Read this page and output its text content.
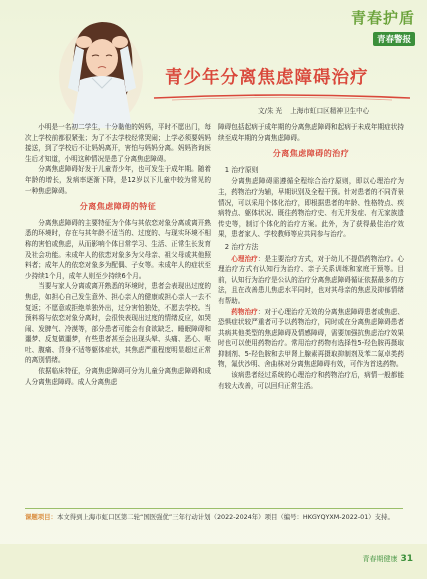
青春护盾
青春警报
青少年分离焦虑障碍治疗
文/朱 光 上海市虹口区精神卫生中心

小明是一名初二学生，十分黏他的妈妈，平时不愿出门，每次上学校前都很紧张；为了不去学校经常哭闹；上学必须要妈妈接送，到了学校后不让妈妈离开，害怕与妈妈分离。妈妈咨询医生后才知道，小明这种情况是患了分离焦虑障碍。

分离焦虑障碍好发于儿童青少年，也可发生于成年期。随着年龄的增长，发病率逐渐下降，是12岁以下儿童中较为常见的一种焦虑障碍。

分离焦虑障碍的特征

分离焦虑障碍的主要特征为个体与其依恋对象分离或离开熟悉的环境时，存在与其年龄不适当的、过度的、与现实环境不相称的害怕或焦虑，从而影响个体日常学习、生活、正常生长发育及社会功能。未成年人的依恋对象多为父母亲、祖父母或其他照料者；成年人的依恋对象多为配偶、子女等。未成年人的症状至少持续1个月，成年人则至少持续6个月。

当要与家人分离或离开熟悉的环境时，患者会表现出过度的焦虑，如担心自己发生意外、担心亲人的健康或担心亲人一去不复返；不愿意或拒绝单独外出，过分害怕独处，不愿去学校。当预料将与依恋对象分离时，会很快表现出过度的情绪反应，如哭闹、发脾气、冷漠等，部分患者可能会有食欲缺乏、睡眠障碍和噩梦、反复做噩梦，有些患者甚至会出现头晕、头痛、恶心、呕吐、腹痛、背身不适等躯体症状，其焦虑严重程度明显超过正常的离别情绪。

依据临床特征，分离焦虑障碍可分为儿童分离焦虑障碍和成人分离焦虑障碍。成人分离焦虑

障碍包括起病于成年期的分离焦虑障碍和起病于未成年期症状持续至成年期的分离焦虑障碍。

分离焦虑障碍的治疗
1 治疗原则

分离焦虑障碍需遵循全程综合治疗原则，即以心理治疗为主，药物治疗为辅，早期识别及全程干预。针对患者的不同背景情况，可以采用个体化治疗，即根据患者的年龄、性格特点、疾病特点、躯体状况、既往药物治疗史、有无并发症、有无家族遗传史等，制订个体化的治疗方案。此外，为了获得最佳治疗效果，患者家人、学校教师等应共同参与治疗。

2 治疗方法

心理治疗：是主要治疗方式，对于幼儿不提倡药物治疗。心理治疗方式有认知行为治疗、亲子关系训练和家庭干预等。目前，认知行为治疗是公认的治疗分离焦虑障碍循证依据最多的方法，且在改善患儿焦虑水平同时，也对其母亲的焦虑及抑郁情绪有帮助。

药物治疗：对于心理治疗无效的分离焦虑障碍患者或焦虑、恐惧症状较严重者可予以药物治疗，同时或在分离焦虑障碍患者共病其他类型的焦虑障碍及情感障碍，需要加强抗焦虑治疗效果时也可以使用药物治疗。常用治疗药物有选择性5-羟色胺再摄取抑制剂、5-羟色胺和去甲肾上腺素再摄取抑制剂及苯二氮卓类药物，氟伏沙明、舍曲林对分离焦虑障碍有效，可作为首选药物。

该病患者经过系统的心理治疗和药物治疗后，病情一般都能有较大改善，可以回归正常生活。

课题项目：本文得到上海市虹口区第二轮“国医强优”三年行动计划（2022-2024年）项目（编号：HKGYQYXM-2022-01）支持。
青春期健康 31
